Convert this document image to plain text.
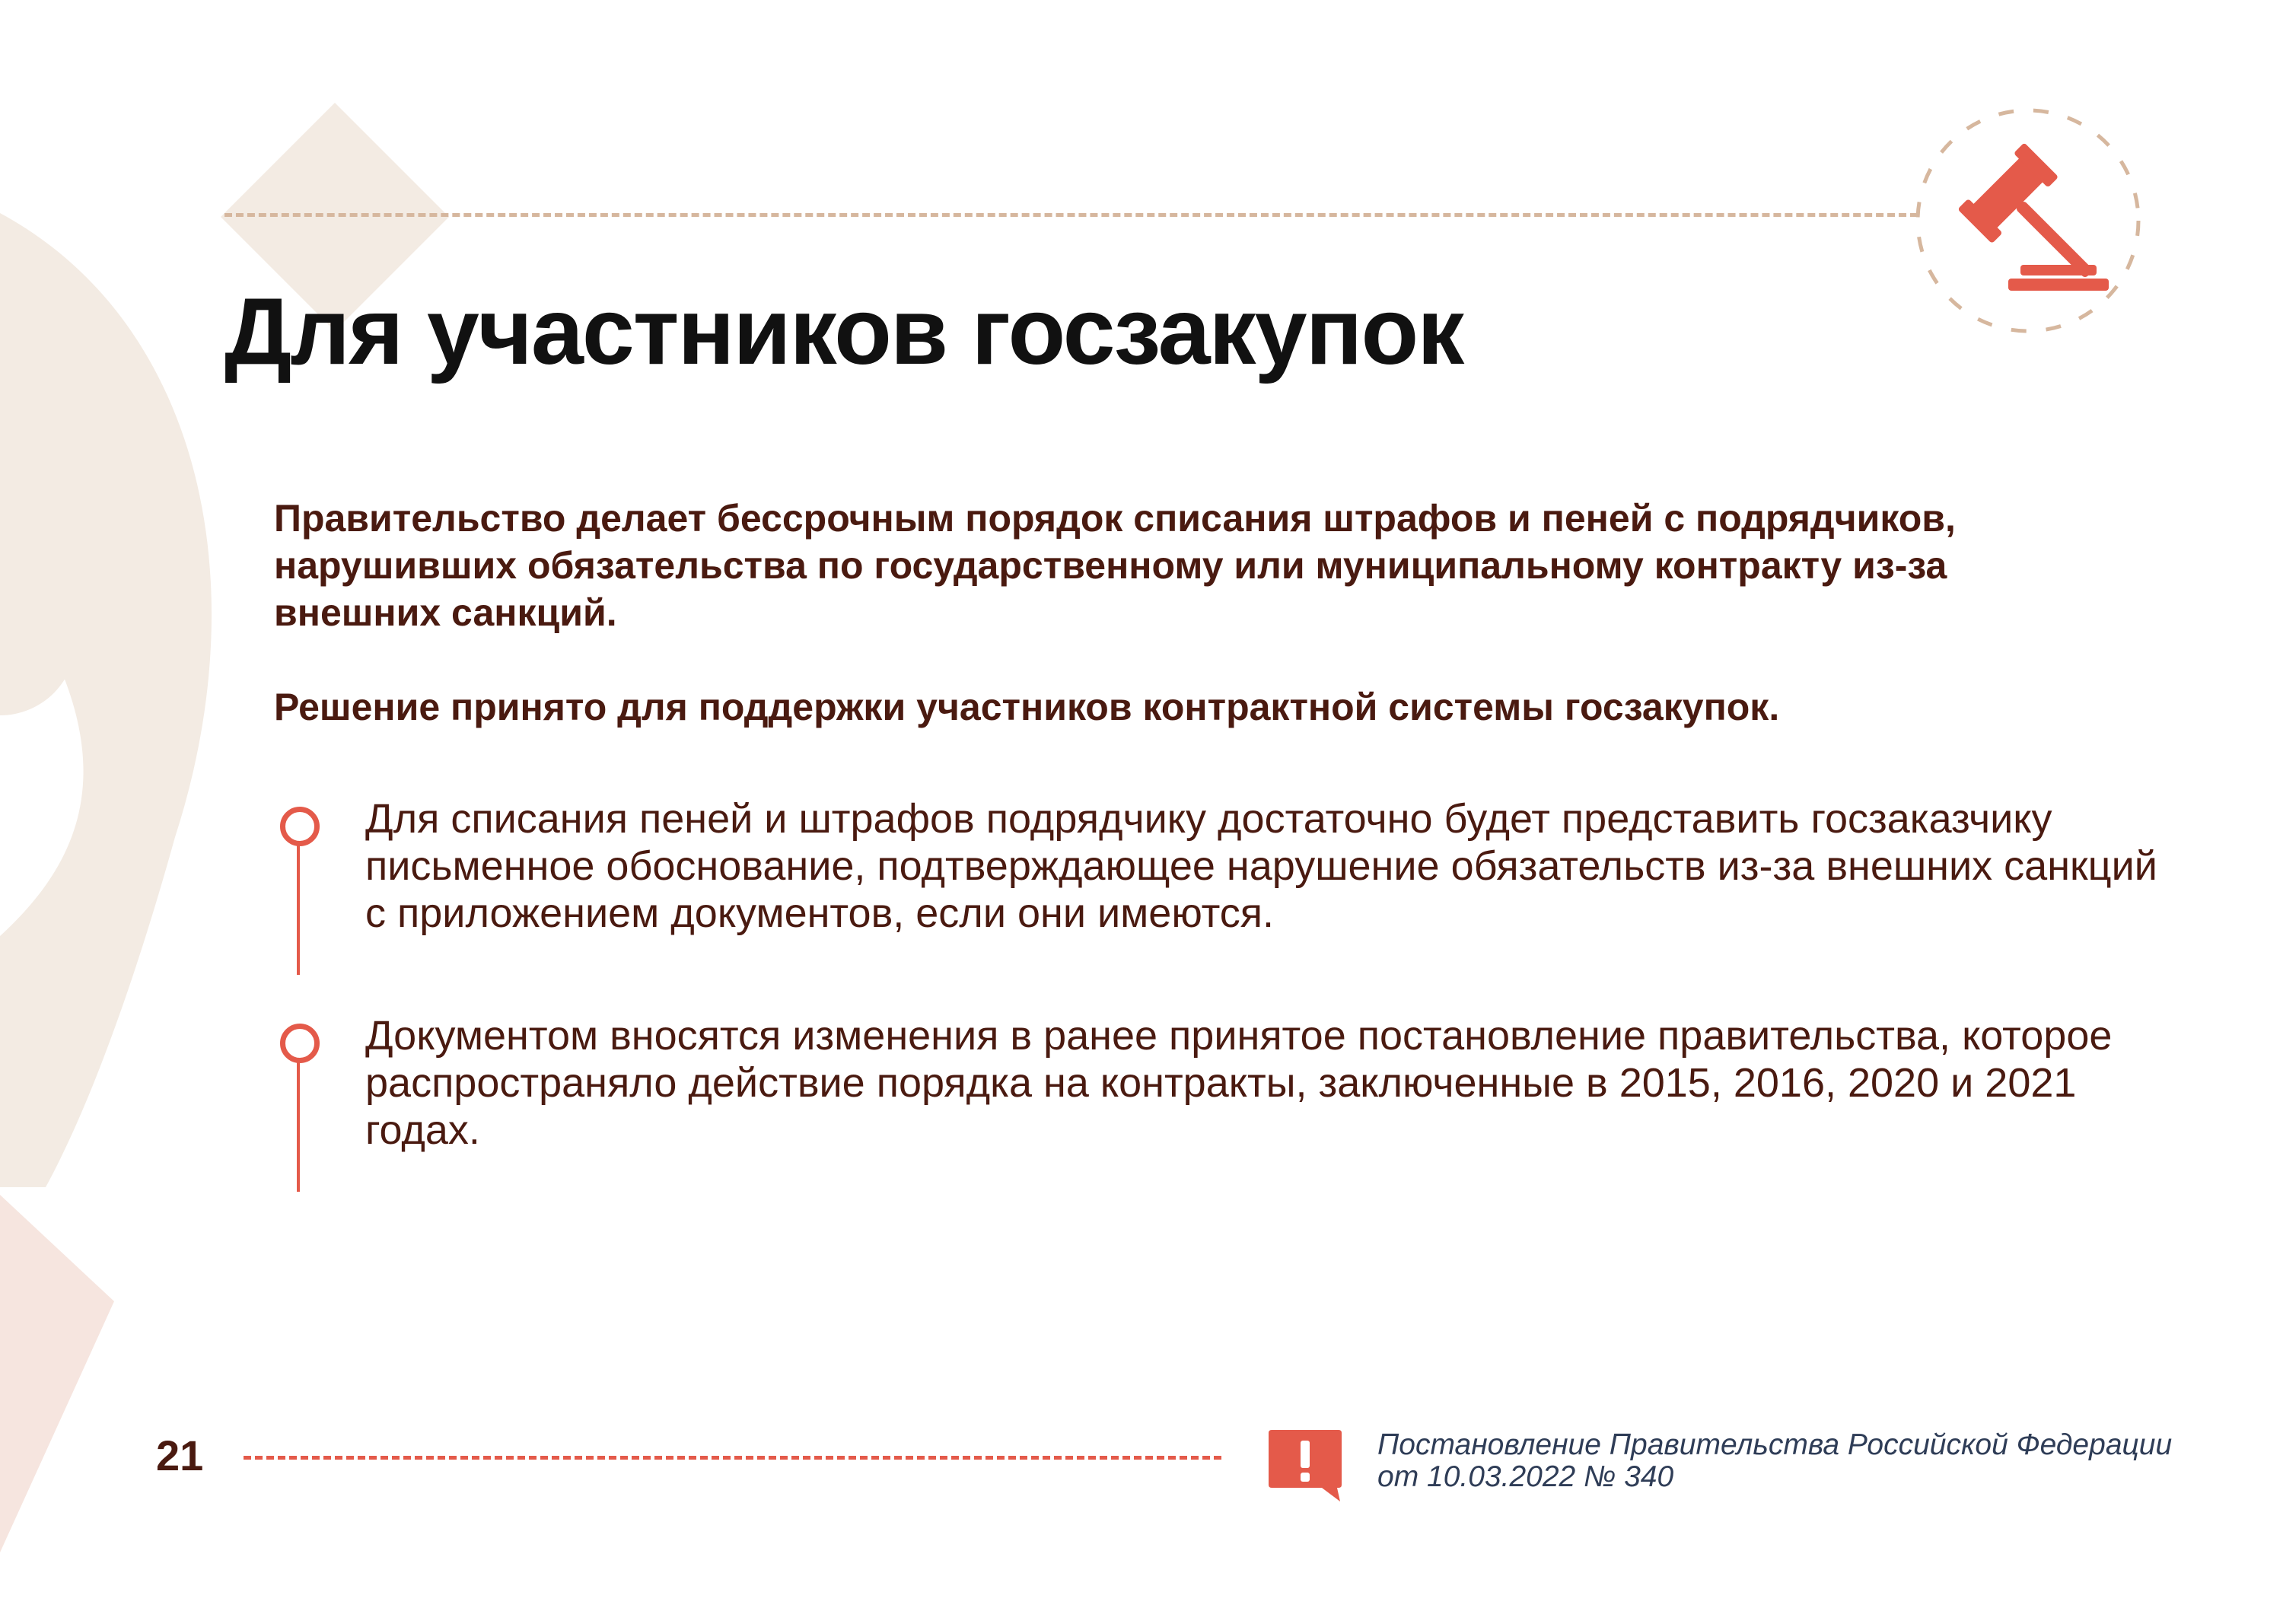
Для участников госзакупок

Правительство делает бессрочным порядок списания штрафов и пеней с подрядчиков, нарушивших обязательства по государственному или муниципальному контракту из-за внешних санкций.

Решение принято для поддержки участников контрактной системы госзакупок.

Для списания пеней и штрафов подрядчику достаточно будет представить госзаказчику письменное обоснование, подтверждающее нарушение обязательств из-за внешних санкций с приложением документов, если они имеются.

Документом вносятся изменения в ранее принятое постановление правительства, которое распространяло действие порядка на контракты, заключенные в 2015, 2016, 2020 и 2021 годах.

21	Постановление Правительства Российской Федерации от 10.03.2022 № 340
